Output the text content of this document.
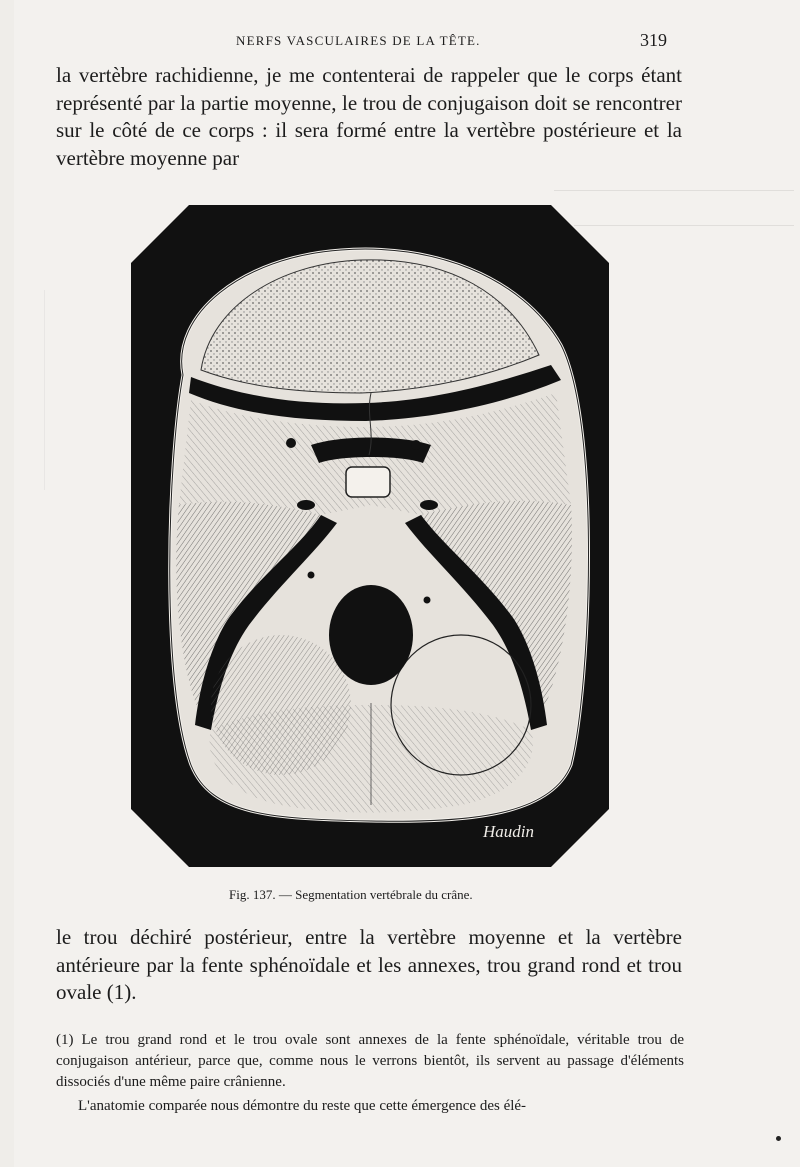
NERFS VASCULAIRES DE LA TÊTE.	319
la vertèbre rachidienne, je me contenterai de rappeler que le corps étant représenté par la partie moyenne, le trou de conjugaison doit se rencontrer sur le côté de ce corps : il sera formé entre la vertèbre postérieure et la vertèbre moyenne par
Haudin
Fig. 137. — Segmentation vertébrale du crâne.
le trou déchiré postérieur, entre la vertèbre moyenne et la vertèbre antérieure par la fente sphénoïdale et les annexes, trou grand rond et trou ovale (1).

(1) Le trou grand rond et le trou ovale sont annexes de la fente sphénoïdale, véritable trou de conjugaison antérieur, parce que, comme nous le verrons bientôt, ils servent au passage d'éléments dissociés d'une même paire crânienne.

L'anatomie comparée nous démontre du reste que cette émergence des élé-
